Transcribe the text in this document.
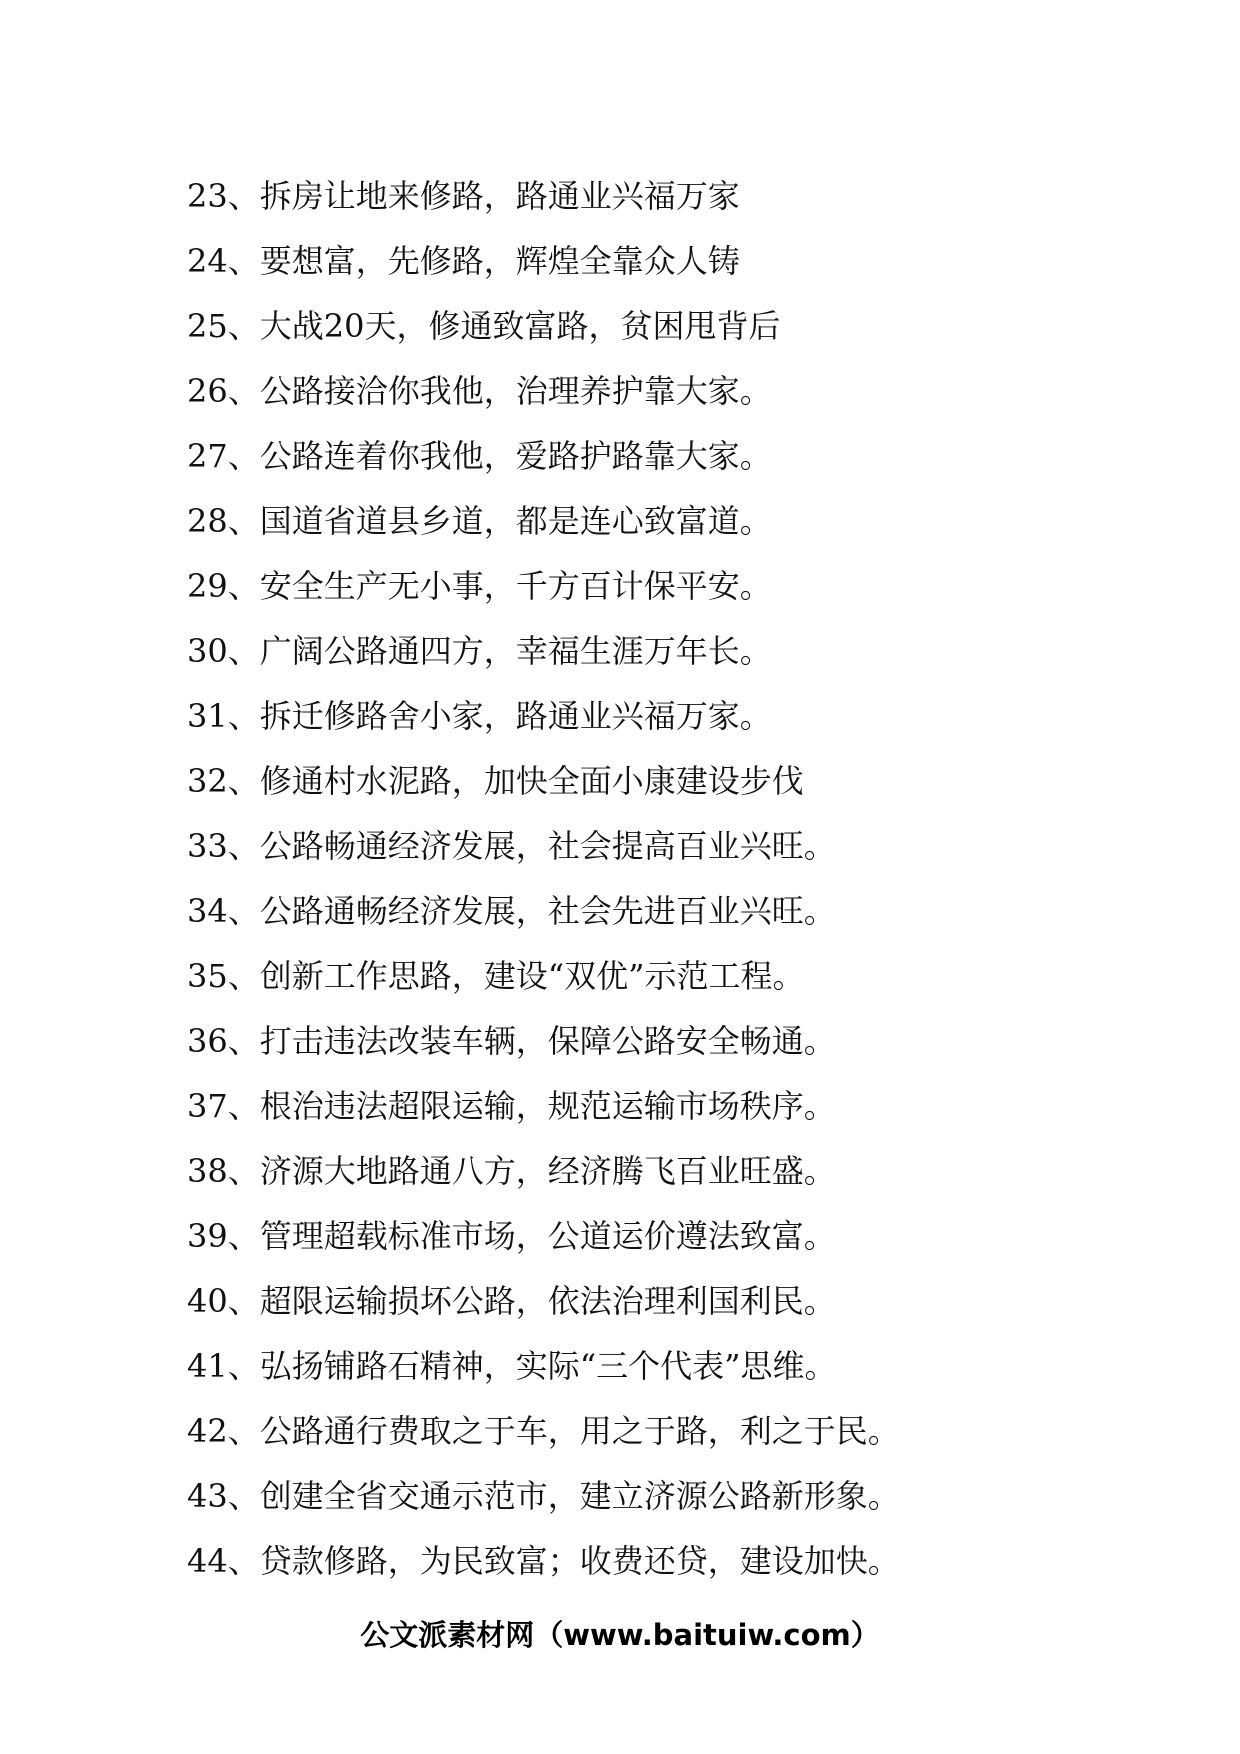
23、拆房让地来修路，路通业兴福万家
24、要想富，先修路，辉煌全靠众人铸
25、大战20天，修通致富路，贫困甩背后
26、公路接洽你我他，治理养护靠大家。
27、公路连着你我他，爱路护路靠大家。
28、国道省道县乡道，都是连心致富道。
29、安全生产无小事，千方百计保平安。
30、广阔公路通四方，幸福生涯万年长。
31、拆迁修路舍小家，路通业兴福万家。
32、修通村水泥路，加快全面小康建设步伐
33、公路畅通经济发展，社会提高百业兴旺。
34、公路通畅经济发展，社会先进百业兴旺。
35、创新工作思路，建设“双优”示范工程。
36、打击违法改装车辆，保障公路安全畅通。
37、根治违法超限运输，规范运输市场秩序。
38、济源大地路通八方，经济腾飞百业旺盛。
39、管理超载标准市场，公道运价遵法致富。
40、超限运输损坏公路，依法治理利国利民。
41、弘扬铺路石精神，实际“三个代表”思维。
42、公路通行费取之于车，用之于路，利之于民。
43、创建全省交通示范市，建立济源公路新形象。
44、贷款修路，为民致富；收费还贷，建设加快。
公文派素材网（www.baituiw.com）
